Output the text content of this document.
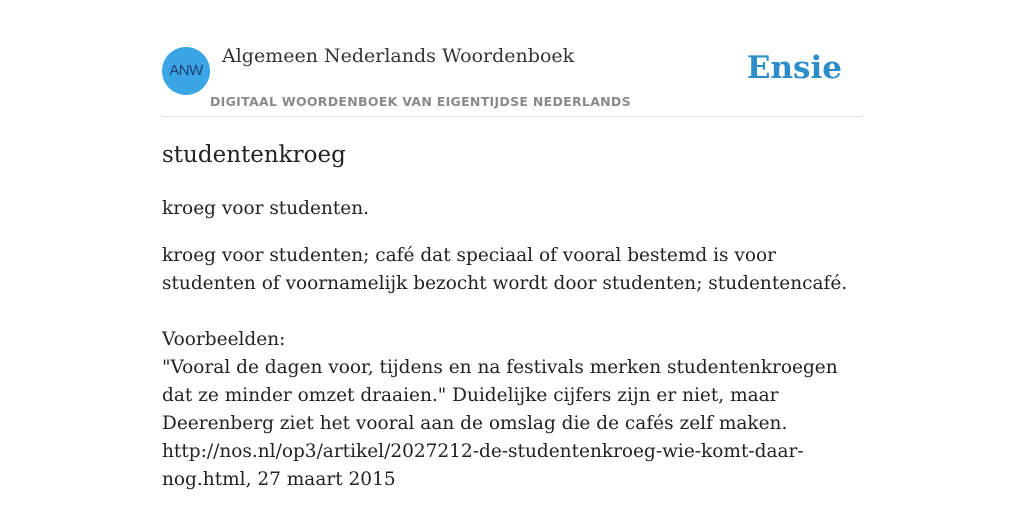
ANW
Algemeen Nederlands Woordenboek
DIGITAAL WOORDENBOEK VAN EIGENTIJDSE NEDERLANDS
Ensie
studentenkroeg

kroeg voor studenten.

kroeg voor studenten; café dat speciaal of vooral bestemd is voor studenten of voornamelijk bezocht wordt door studenten; studentencafé.

Voorbeelden:
"Vooral de dagen voor, tijdens en na festivals merken studentenkroegen dat ze minder omzet draaien." Duidelijke cijfers zijn er niet, maar Deerenberg ziet het vooral aan de omslag die de cafés zelf maken.
http://nos.nl/op3/artikel/2027212-de-studentenkroeg-wie-komt-daar-nog.html, 27 maart 2015
